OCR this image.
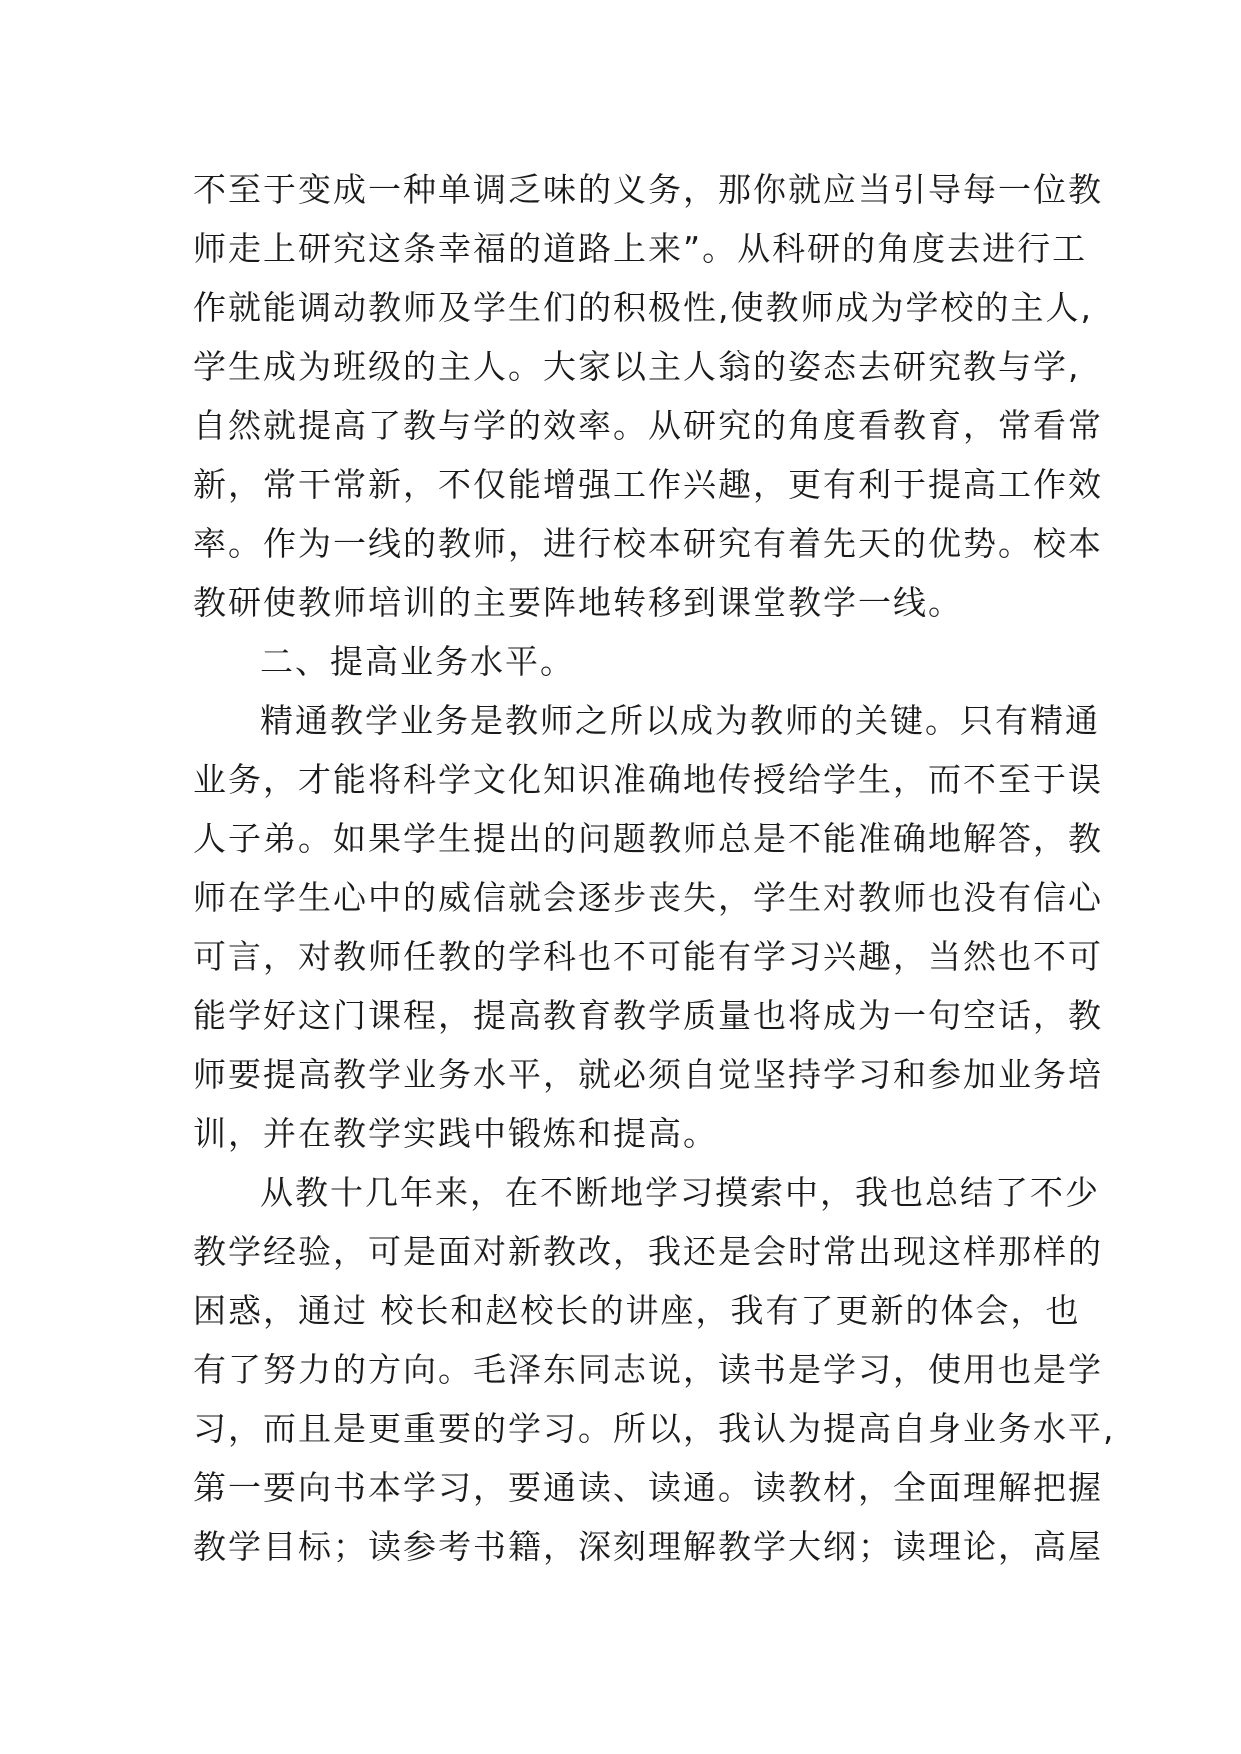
不至于变成一种单调乏味的义务，那你就应当引导每一位教
师走上研究这条幸福的道路上来”。从科研的角度去进行工
作就能调动教师及学生们的积极性,使教师成为学校的主人,
学生成为班级的主人。大家以主人翁的姿态去研究教与学,
自然就提高了教与学的效率。从研究的角度看教育，常看常
新，常干常新，不仅能增强工作兴趣，更有利于提高工作效
率。作为一线的教师，进行校本研究有着先天的优势。校本
教研使教师培训的主要阵地转移到课堂教学一线。
二、提高业务水平。
精通教学业务是教师之所以成为教师的关键。只有精通
业务，才能将科学文化知识准确地传授给学生，而不至于误
人子弟。如果学生提出的问题教师总是不能准确地解答，教
师在学生心中的威信就会逐步丧失，学生对教师也没有信心
可言，对教师任教的学科也不可能有学习兴趣，当然也不可
能学好这门课程，提高教育教学质量也将成为一句空话，教
师要提高教学业务水平，就必须自觉坚持学习和参加业务培
训，并在教学实践中锻炼和提高。
从教十几年来，在不断地学习摸索中，我也总结了不少
教学经验，可是面对新教改，我还是会时常出现这样那样的
困惑，通过 校长和赵校长的讲座，我有了更新的体会，也
有了努力的方向。毛泽东同志说，读书是学习，使用也是学
习，而且是更重要的学习。所以，我认为提高自身业务水平,
第一要向书本学习，要通读、读通。读教材，全面理解把握
教学目标；读参考书籍，深刻理解教学大纲；读理论，高屋
